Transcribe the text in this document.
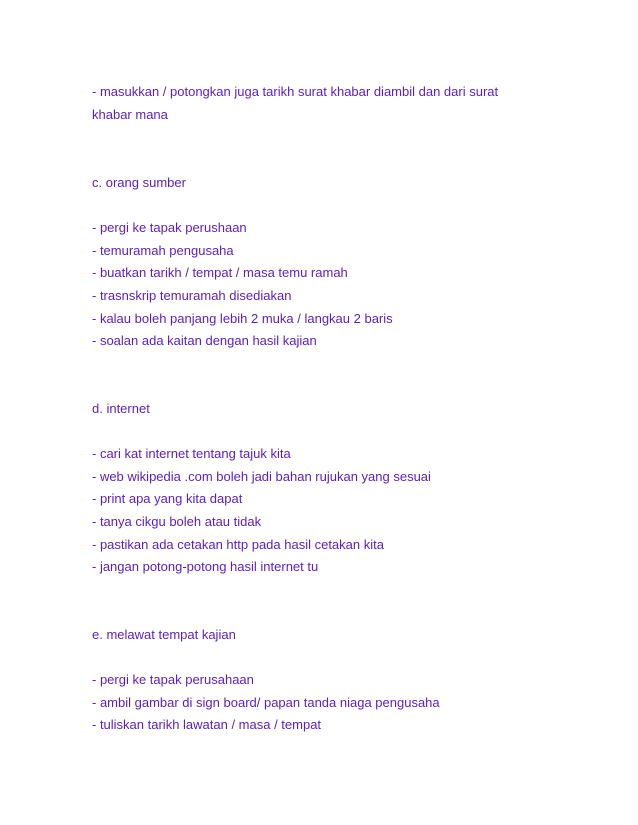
- masukkan / potongkan juga tarikh surat khabar diambil dan dari surat
khabar mana
c. orang sumber
- pergi ke tapak perushaan
- temuramah pengusaha
- buatkan tarikh / tempat / masa temu ramah
- trasnskrip temuramah disediakan
- kalau boleh panjang lebih 2 muka / langkau 2 baris
- soalan ada kaitan dengan hasil kajian
d. internet
- cari kat internet tentang tajuk kita
- web wikipedia .com boleh jadi bahan rujukan yang sesuai
- print apa yang kita dapat
- tanya cikgu boleh atau tidak
- pastikan ada cetakan http pada hasil cetakan kita
- jangan potong-potong hasil internet tu
e. melawat tempat kajian
- pergi ke tapak perusahaan
- ambil gambar di sign board/ papan tanda niaga pengusaha
- tuliskan tarikh lawatan / masa / tempat
